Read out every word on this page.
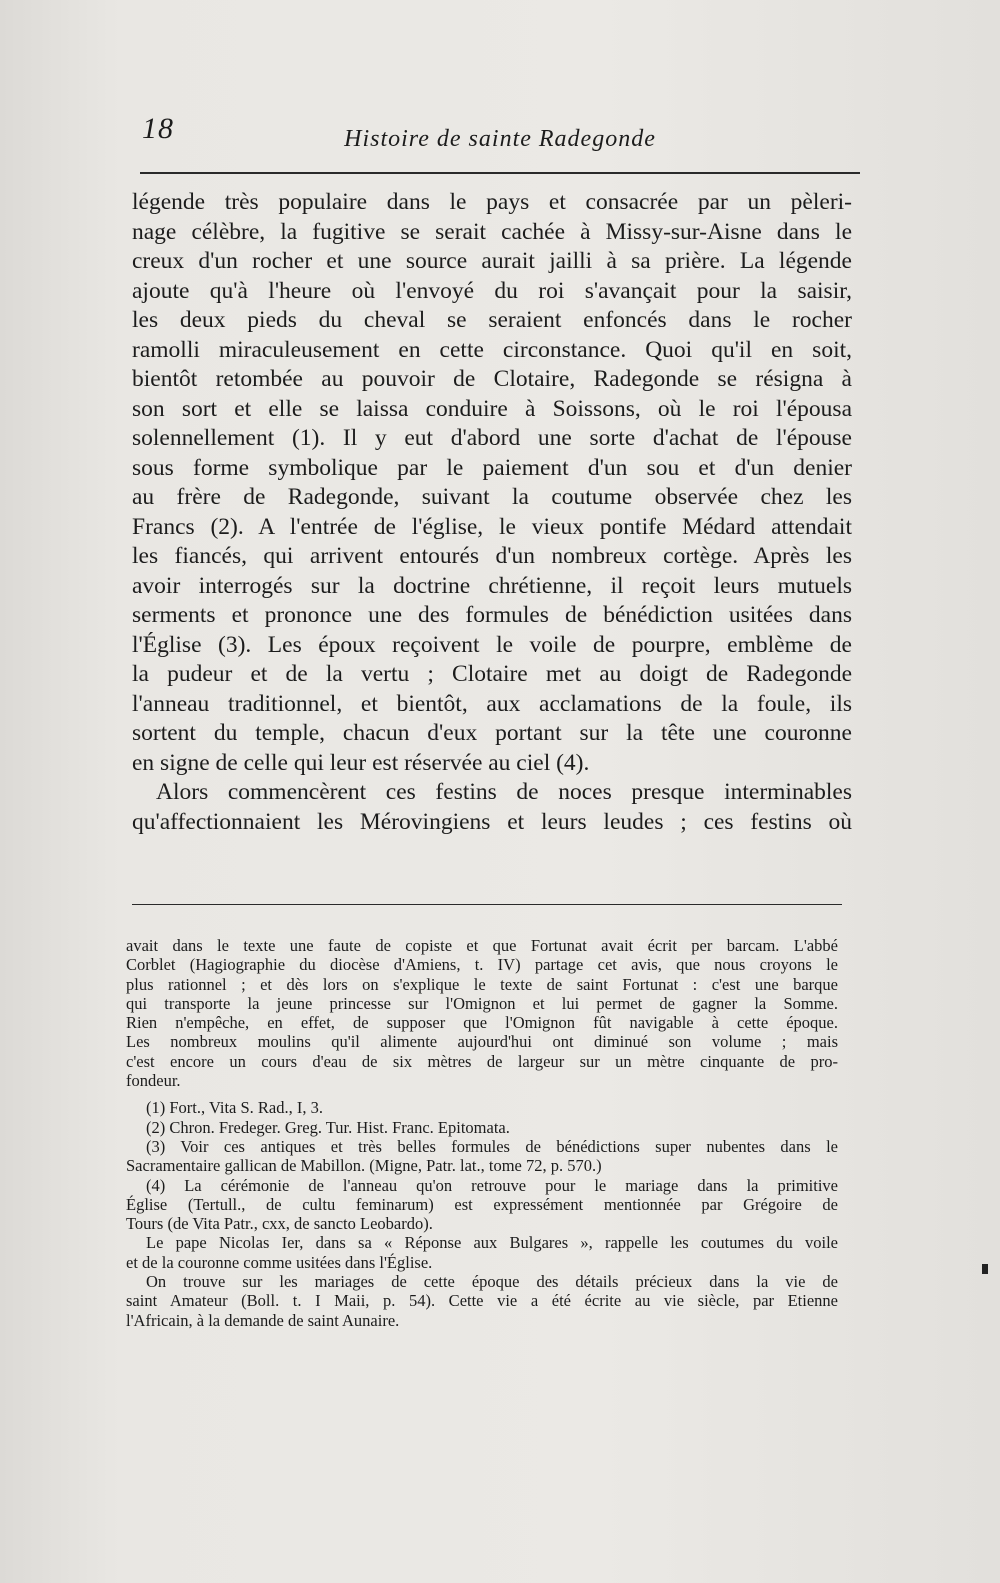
18	Histoire de sainte Radegonde
légende très populaire dans le pays et consacrée par un pèleri-
nage célèbre, la fugitive se serait cachée à Missy-sur-Aisne dans le
creux d'un rocher et une source aurait jailli à sa prière. La légende
ajoute qu'à l'heure où l'envoyé du roi s'avançait pour la saisir,
les deux pieds du cheval se seraient enfoncés dans le rocher
ramolli miraculeusement en cette circonstance. Quoi qu'il en soit,
bientôt retombée au pouvoir de Clotaire, Radegonde se résigna à
son sort et elle se laissa conduire à Soissons, où le roi l'épousa
solennellement (1). Il y eut d'abord une sorte d'achat de l'épouse
sous forme symbolique par le paiement d'un sou et d'un denier
au frère de Radegonde, suivant la coutume observée chez les
Francs (2). A l'entrée de l'église, le vieux pontife Médard attendait
les fiancés, qui arrivent entourés d'un nombreux cortège. Après les
avoir interrogés sur la doctrine chrétienne, il reçoit leurs mutuels
serments et prononce une des formules de bénédiction usitées dans
l'Église (3). Les époux reçoivent le voile de pourpre, emblème de
la pudeur et de la vertu ; Clotaire met au doigt de Radegonde
l'anneau traditionnel, et bientôt, aux acclamations de la foule, ils
sortent du temple, chacun d'eux portant sur la tête une couronne
en signe de celle qui leur est réservée au ciel (4).
Alors commencèrent ces festins de noces presque interminables
qu'affectionnaient les Mérovingiens et leurs leudes ; ces festins où
avait dans le texte une faute de copiste et que Fortunat avait écrit per barcam. L'abbé
Corblet (Hagiographie du diocèse d'Amiens, t. IV) partage cet avis, que nous croyons le
plus rationnel ; et dès lors on s'explique le texte de saint Fortunat : c'est une barque
qui transporte la jeune princesse sur l'Omignon et lui permet de gagner la Somme.
Rien n'empêche, en effet, de supposer que l'Omignon fût navigable à cette époque.
Les nombreux moulins qu'il alimente aujourd'hui ont diminué son volume ; mais
c'est encore un cours d'eau de six mètres de largeur sur un mètre cinquante de pro-
fondeur.
(1) Fort., Vita S. Rad., I, 3.
(2) Chron. Fredeger. Greg. Tur. Hist. Franc. Epitomata.
(3) Voir ces antiques et très belles formules de bénédictions super nubentes dans le
Sacramentaire gallican de Mabillon. (Migne, Patr. lat., tome 72, p. 570.)
(4) La cérémonie de l'anneau qu'on retrouve pour le mariage dans la primitive
Église (Tertull., de cultu feminarum) est expressément mentionnée par Grégoire de
Tours (de Vita Patr., cxx, de sancto Leobardo).
Le pape Nicolas Ier, dans sa « Réponse aux Bulgares », rappelle les coutumes du voile
et de la couronne comme usitées dans l'Église.
On trouve sur les mariages de cette époque des détails précieux dans la vie de
saint Amateur (Boll. t. I Maii, p. 54). Cette vie a été écrite au vie siècle, par Etienne
l'Africain, à la demande de saint Aunaire.
